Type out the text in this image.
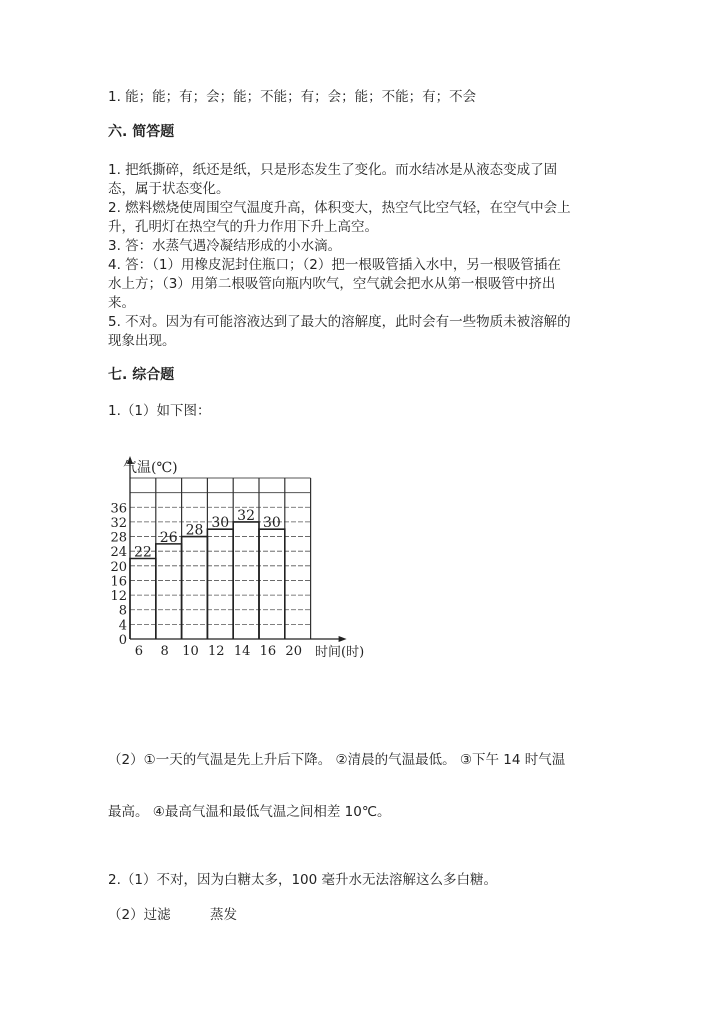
1. 能；能；有；会；能；不能；有；会；能；不能；有；不会
六. 简答题
1. 把纸撕碎，纸还是纸，只是形态发生了变化。而水结冰是从液态变成了固
态，属于状态变化。
2. 燃料燃烧使周围空气温度升高，体积变大，热空气比空气轻，在空气中会上
升，孔明灯在热空气的升力作用下升上高空。
3. 答：水蒸气遇冷凝结形成的小水滴。
4. 答：（1）用橡皮泥封住瓶口；（2）把一根吸管插入水中，另一根吸管插在
水上方；（3）用第二根吸管向瓶内吹气，空气就会把水从第一根吸管中挤出
来。
5. 不对。因为有可能溶液达到了最大的溶解度，此时会有一些物质未被溶解的
现象出现。
七. 综合题
1.（1）如下图：
0
4
8
12
16
20
24
28
32
36
6 8 10 12 14 16 20
22
26 28 30 32 30
气温(℃)
时间(时)
（2）①一天的气温是先上升后下降。 ②清晨的气温最低。 ③下午 14 时气温
最高。 ④最高气温和最低气温之间相差 10℃。
2.（1）不对，因为白糖太多，100 毫升水无法溶解这么多白糖。
（2）过滤	蒸发
